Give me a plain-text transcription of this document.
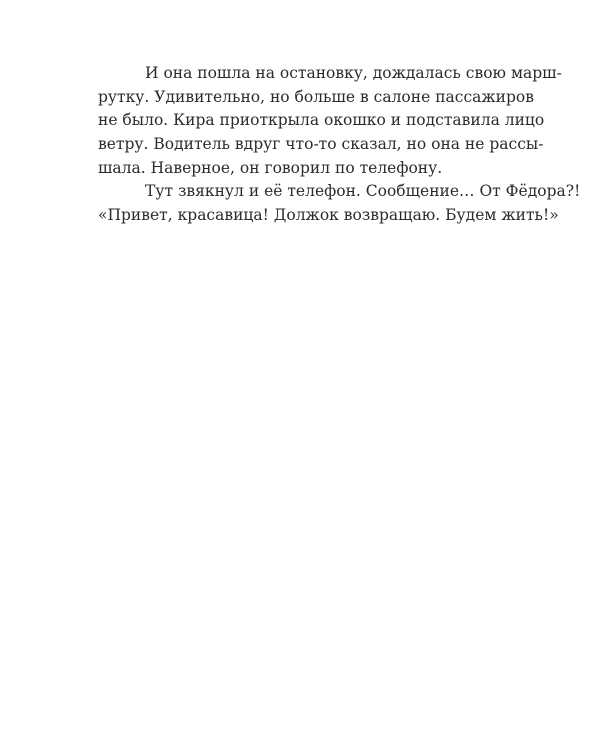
И она пошла на остановку, дождалась свою марш-
рутку. Удивительно, но больше в салоне пассажиров
не было. Кира приоткрыла окошко и подставила лицо
ветру. Водитель вдруг что-то сказал, но она не рассы-
шала. Наверное, он говорил по телефону.
Тут звякнул и её телефон. Сообщение… От Фёдора?!
«Привет, красавица! Должок возвращаю. Будем жить!»
